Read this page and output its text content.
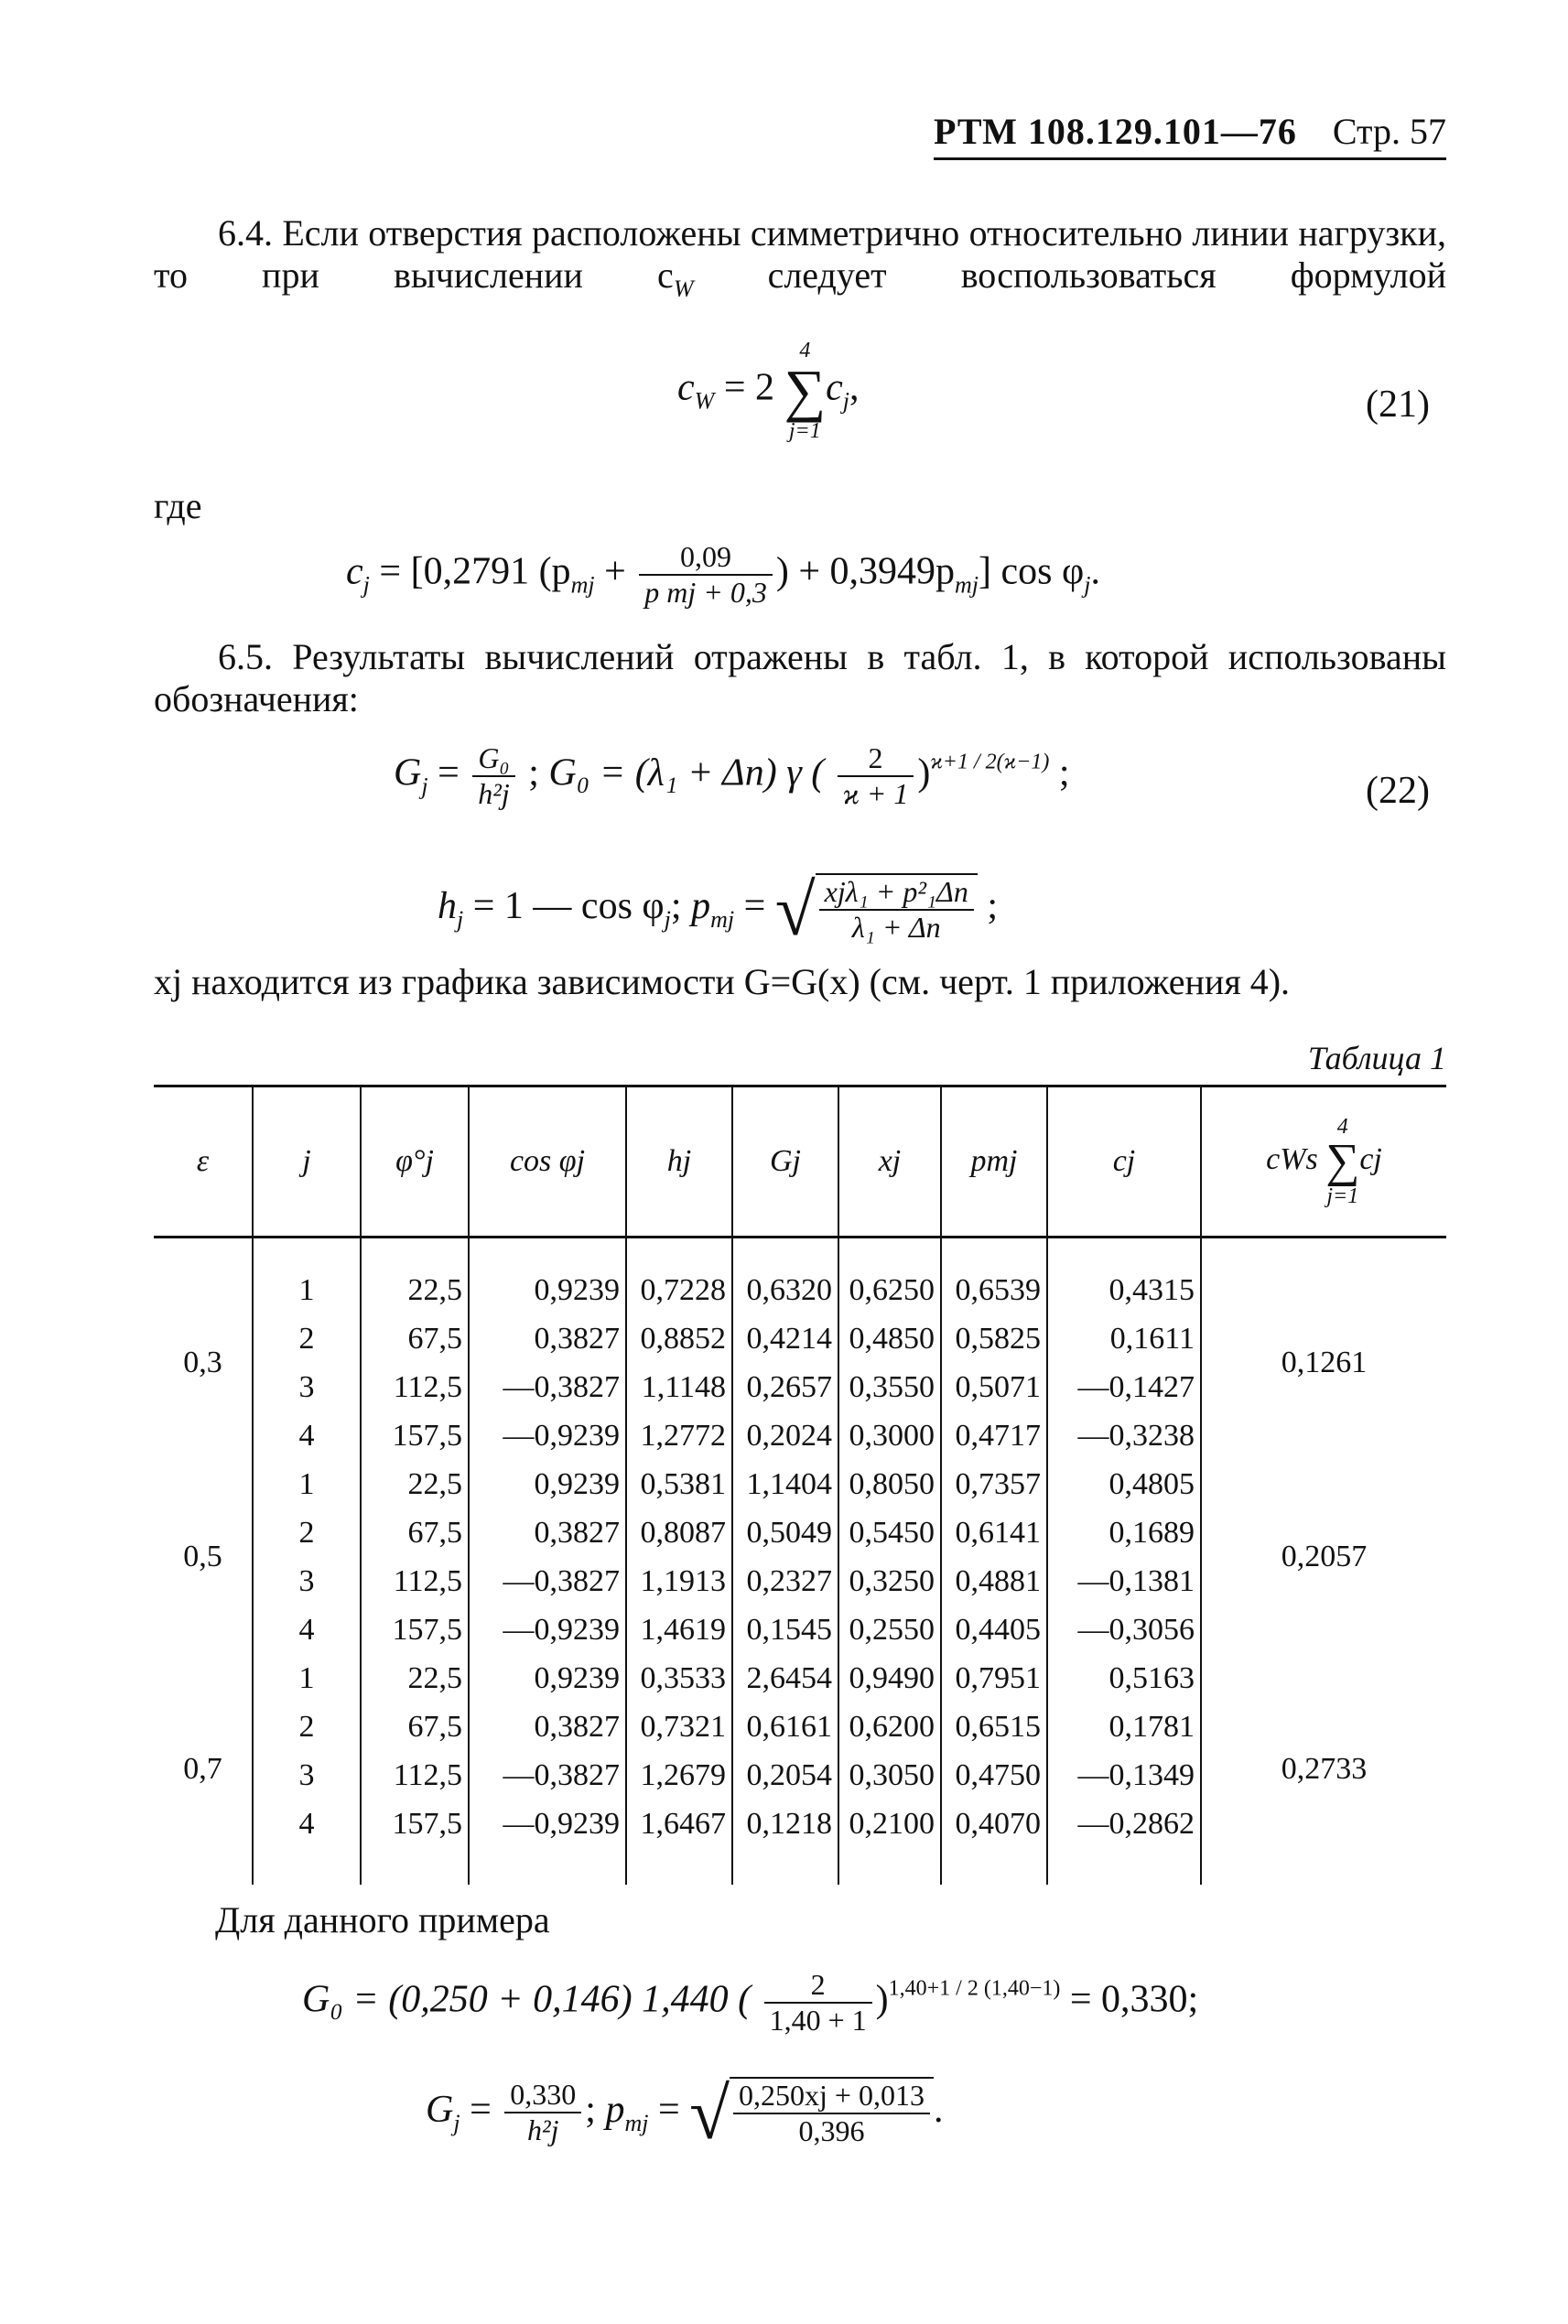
РТМ 108.129.101—76 Стр. 57
6.4. Если отверстия расположены симметрично относительно линии нагрузки, то при вычислении $c_W$ следует воспользоваться формулой
$c_W = 2$
4
∑
j=1
$c_j$,	(21)
где
$c_j = [0,2791$ ($p_{mj} + \frac{0,09}{\text{p mj + 0,3}}$ ) + $0,3949p_{mj}$] $\cos \varphi_j$.
6.5. Результаты вычислений отражены в табл. 1, в которой использованы обозначения:
$G_j = \frac{\text{G₀}}{\text{h²j}}$ ; G₀ = (λ₁ + Δn) γ ( $\frac{2}{ϰ + 1} )^{ϰ+1 / 2(ϰ-1)}$ ;	(22)
$h_j = 1$ — $\cos \varphi_j$; $p_{mj}$ = √ $\frac{\text{xjλ₁ + p²₁Δn}}{\text{λ₁ + Δn}}$ ;
xj находится из графика зависимости G=G(x) (см. черт. 1 приложения 4).
Таблица 1
ε	j	φ°j	cos φj	hj	Gj	xj	pmj	cj	cWs
4
∑
j=1
cj
0,3	1	22,5	0,9239	0,7228	0,6320	0,6250	0,6539	0,4315	0,1261
	2	67,5	0,3827	0,8852	0,4214	0,4850	0,5825	0,1611	
	3	112,5	—0,3827	1,1148	0,2657	0,3550	0,5071	—0,1427	
	4	157,5	—0,9239	1,2772	0,2024	0,3000	0,4717	—0,3238	
0,5	1	22,5	0,9239	0,5381	1,1404	0,8050	0,7357	0,4805	0,2057
	2	67,5	0,3827	0,8087	0,5049	0,5450	0,6141	0,1689	
	3	112,5	—0,3827	1,1913	0,2327	0,3250	0,4881	—0,1381	
	4	157,5	—0,9239	1,4619	0,1545	0,2550	0,4405	—0,3056	
0,7	1	22,5	0,9239	0,3533	2,6454	0,9490	0,7951	0,5163	0,2733
	2	67,5	0,3827	0,7321	0,6161	0,6200	0,6515	0,1781	
	3	112,5	—0,3827	1,2679	0,2054	0,3050	0,4750	—0,1349	
	4	157,5	—0,9239	1,6467	0,1218	0,2100	0,4070	—0,2862	
Для данного примера
G₀ = (0,250 + 0,146) 1,440 ( $\frac{2}{1,40 + 1} )^{1,40+1 / 2 (1,40-1)} = 0,330$;
$G_j = \frac{0,330}{\text{h²j}}$ ; $p_{mj}$ = √ $\frac{0,250xj + 0,013}{0,396}$ .
